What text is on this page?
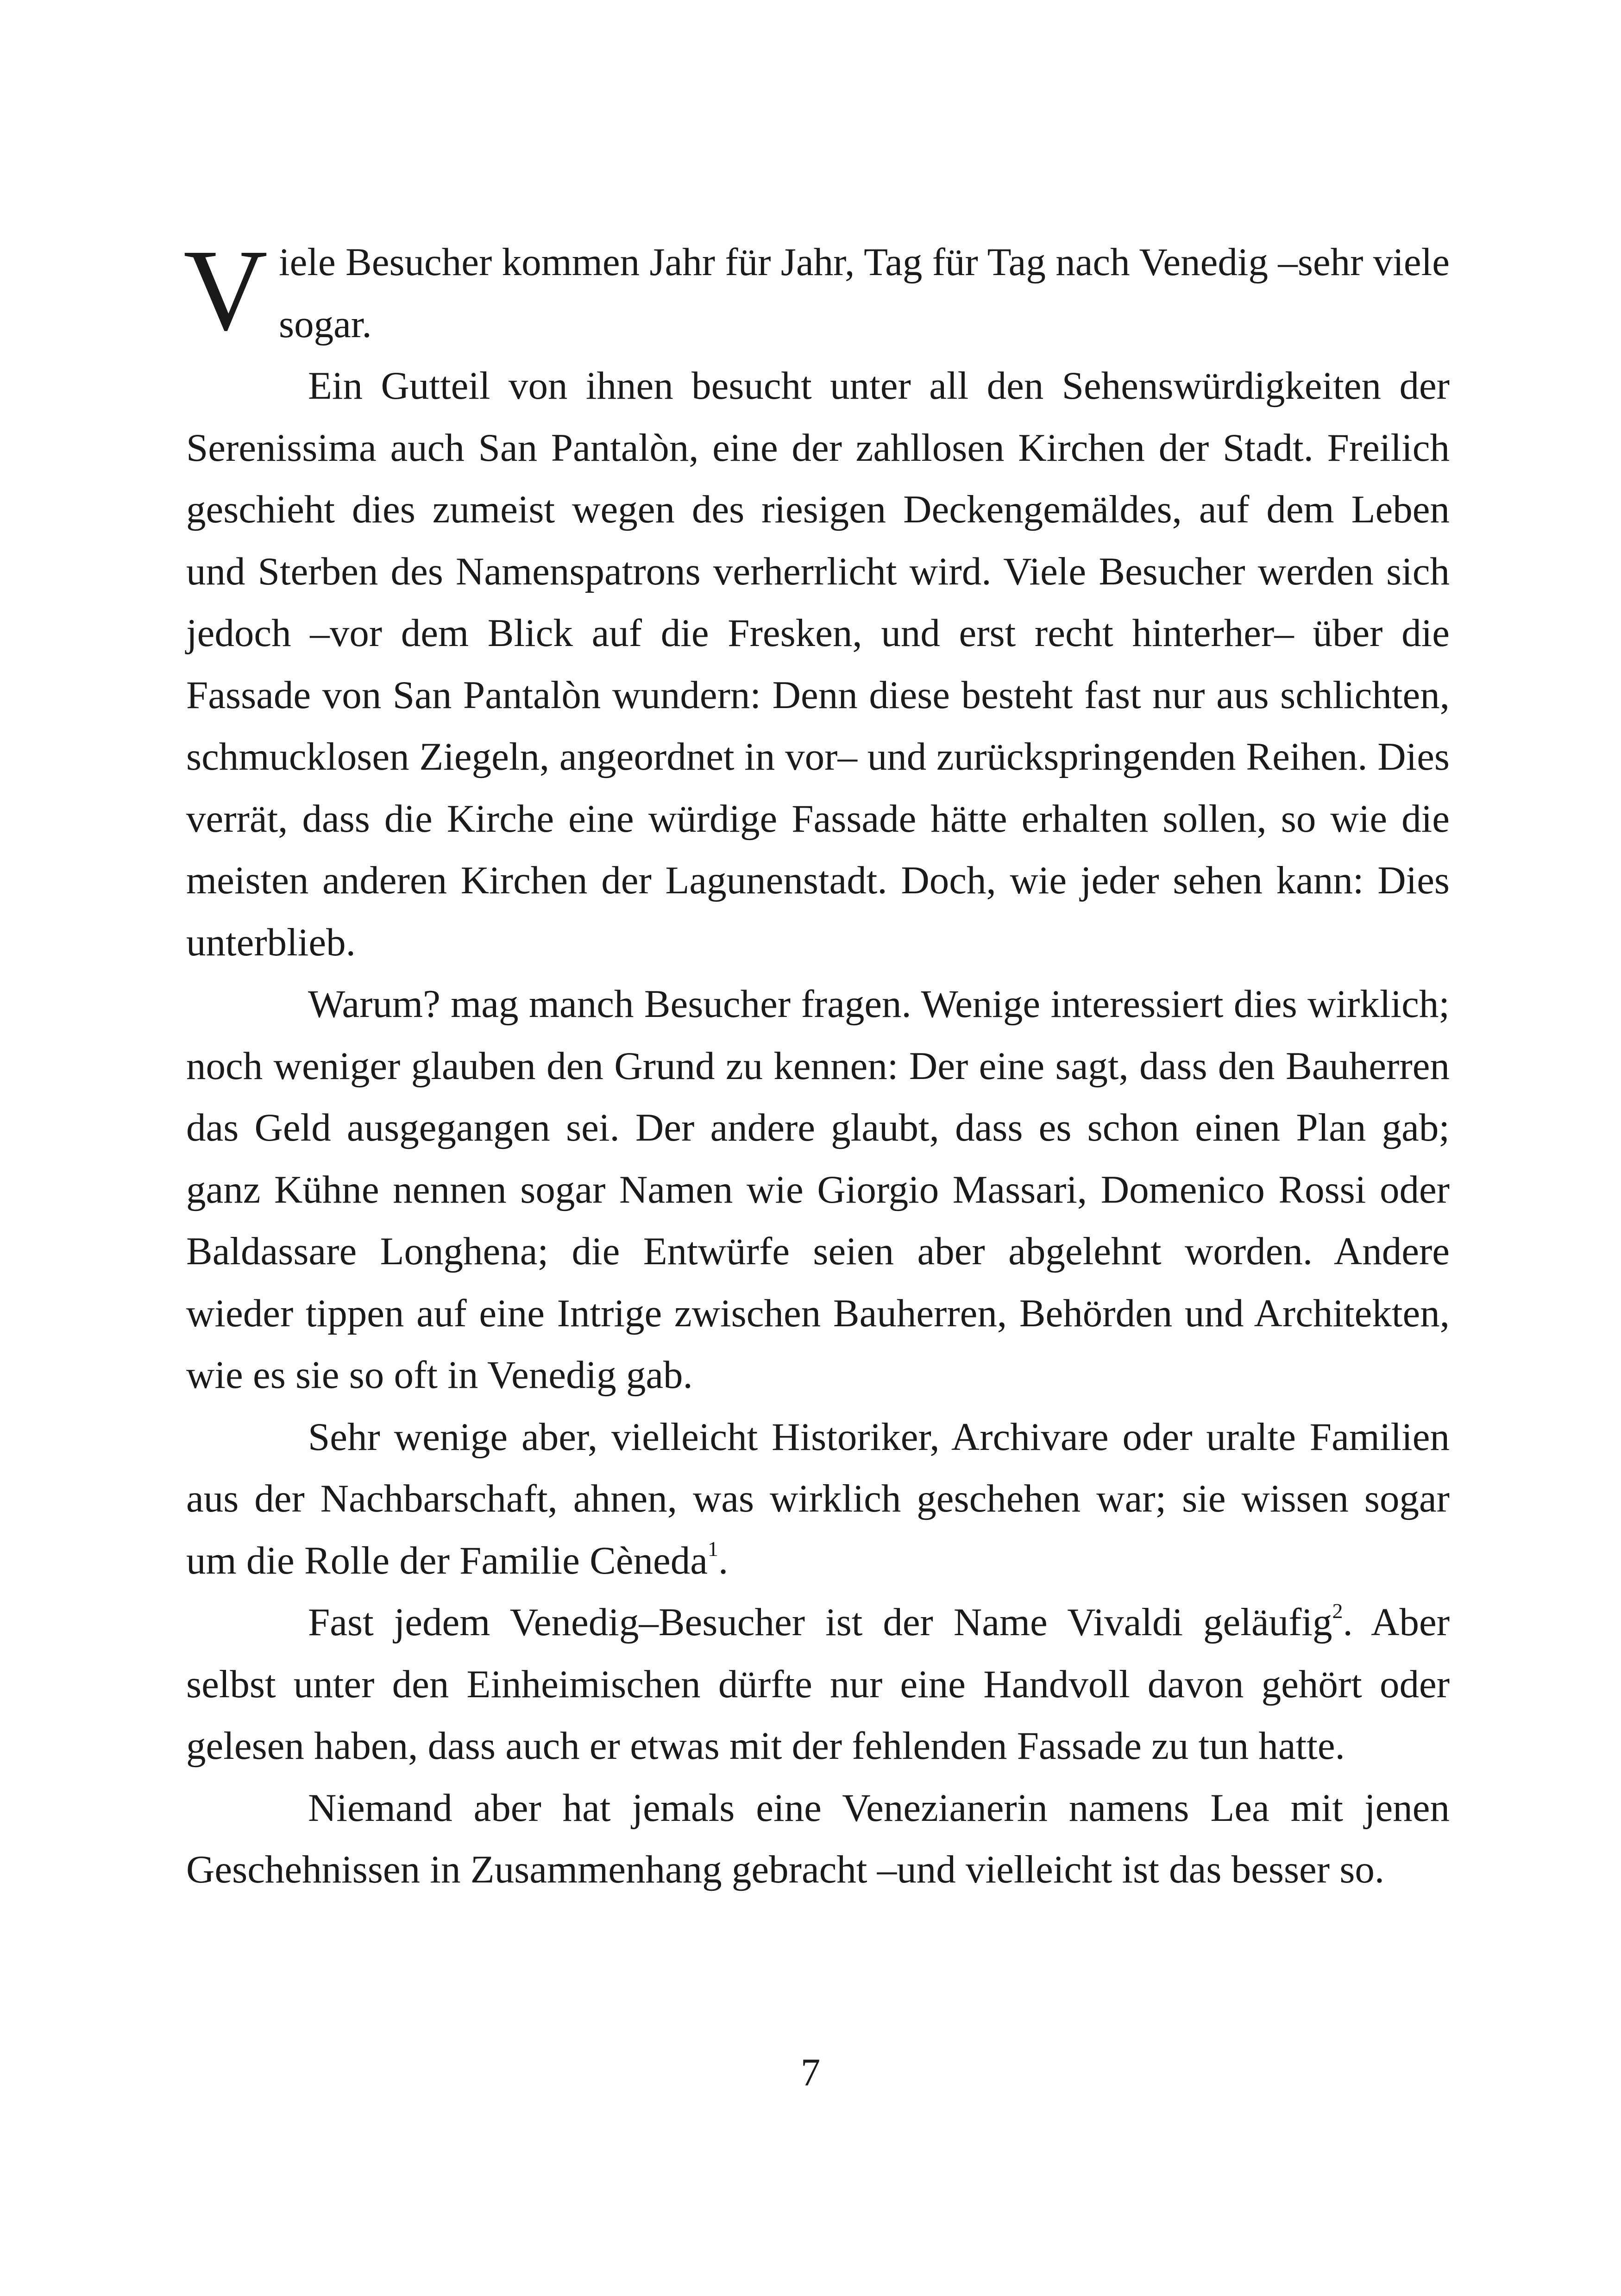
Viele Besucher kommen Jahr für Jahr, Tag für Tag nach Venedig –sehr viele sogar.

Ein Gutteil von ihnen besucht unter all den Sehenswürdigkeiten der Serenissima auch San Pantalòn, eine der zahllosen Kirchen der Stadt. Freilich geschieht dies zumeist wegen des riesigen Deckengemäldes, auf dem Leben und Sterben des Namenspatrons verherrlicht wird. Viele Besucher werden sich jedoch –vor dem Blick auf die Fresken, und erst recht hinterher– über die Fassade von San Pantalòn wundern: Denn diese besteht fast nur aus schlichten, schmucklosen Ziegeln, angeordnet in vor– und zurückspringenden Reihen. Dies verrät, dass die Kirche eine würdige Fassade hätte erhalten sollen, so wie die meisten anderen Kirchen der Lagunenstadt. Doch, wie jeder sehen kann: Dies unterblieb.

Warum? mag manch Besucher fragen. Wenige interessiert dies wirklich; noch weniger glauben den Grund zu kennen: Der eine sagt, dass den Bauherren das Geld ausgegangen sei. Der andere glaubt, dass es schon einen Plan gab; ganz Kühne nennen sogar Namen wie Giorgio Massari, Domenico Rossi oder Baldassare Longhena; die Entwürfe seien aber abgelehnt worden. Andere wieder tippen auf eine Intrige zwischen Bauherren, Behörden und Architekten, wie es sie so oft in Venedig gab.

Sehr wenige aber, vielleicht Historiker, Archivare oder uralte Familien aus der Nachbarschaft, ahnen, was wirklich geschehen war; sie wissen sogar um die Rolle der Familie Cèneda$^1$.

Fast jedem Venedig–Besucher ist der Name Vivaldi geläufig$^2$. Aber selbst unter den Einheimischen dürfte nur eine Handvoll davon gehört oder gelesen haben, dass auch er etwas mit der fehlenden Fassade zu tun hatte.

Niemand aber hat jemals eine Venezianerin namens Lea mit jenen Geschehnissen in Zusammenhang gebracht –und vielleicht ist das besser so.

7
